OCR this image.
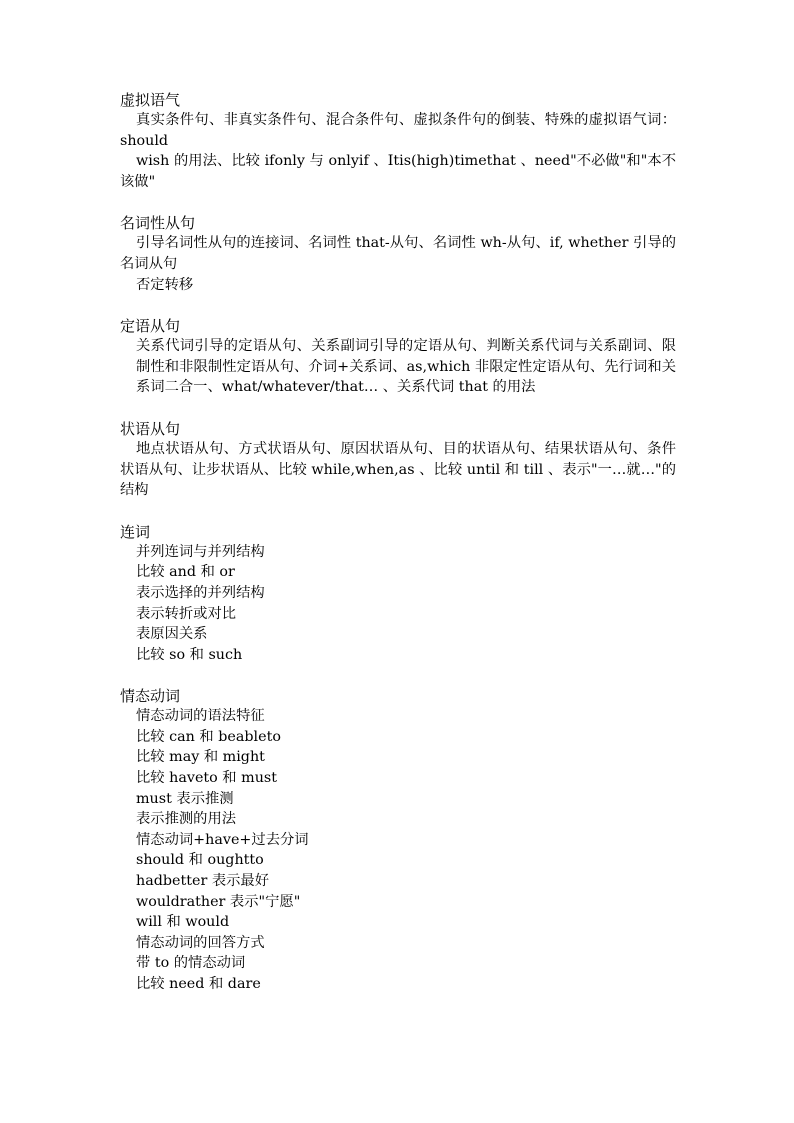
虚拟语气
真实条件句、非真实条件句、混合条件句、虚拟条件句的倒装、特殊的虚拟语气词：should
wish 的用法、比较 ifonly 与 onlyif 、Itis(high)timethat 、need"不必做"和"本不该做"
名词性从句
引导名词性从句的连接词、名词性 that-从句、名词性 wh-从句、if, whether 引导的名词从句
否定转移
定语从句
关系代词引导的定语从句、关系副词引导的定语从句、判断关系代词与关系副词、限制性和非限制性定语从句、介词+关系词、as,which 非限定性定语从句、先行词和关系词二合一、what/whatever/that… 、关系代词 that 的用法
状语从句
地点状语从句、方式状语从句、原因状语从句、目的状语从句、结果状语从句、条件状语从句、让步状语从、比较 while,when,as 、比较 until 和 till 、表示"一…就…"的结构
连词
并列连词与并列结构
比较 and 和 or
表示选择的并列结构
表示转折或对比
表原因关系
比较 so 和 such
情态动词
情态动词的语法特征
比较 can 和 beableto
比较 may 和 might
比较 haveto 和 must
must 表示推测
表示推测的用法
情态动词+have+过去分词
should 和 oughtto
hadbetter 表示最好
wouldrather 表示"宁愿"
will 和 would
情态动词的回答方式
带 to 的情态动词
比较 need 和 dare
